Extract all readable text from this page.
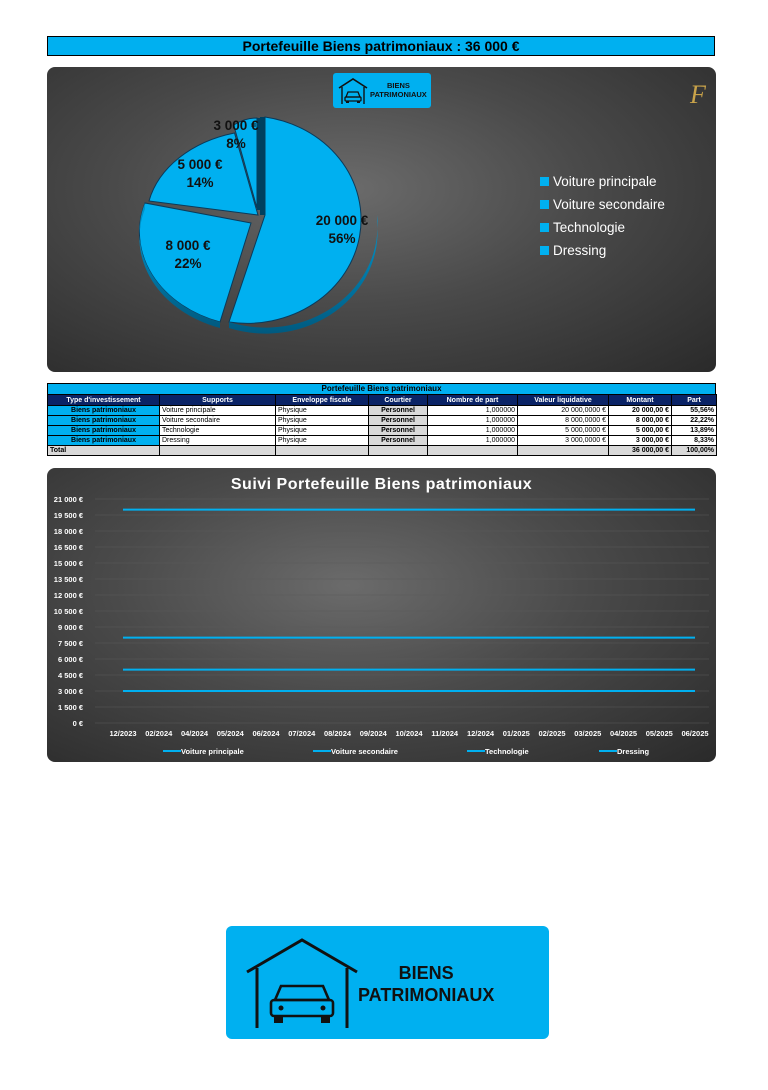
Portefeuille Biens patrimoniaux : 36 000 €
BIENS
PATRIMONIAUX	F
3 000 €
8%
5 000 €
14%
8 000 €
22%
20 000 €
56%
Voiture principale
Voiture secondaire
Technologie
Dressing
Portefeuille Biens patrimoniaux
Type d'investissement	Supports	Enveloppe fiscale	Courtier	Nombre de part	Valeur liquidative	Montant	Part
Biens patrimoniaux	Voiture principale	Physique	Personnel	1,000000	20 000,0000 €	20 000,00 €	55,56%
Biens patrimoniaux	Voiture secondaire	Physique	Personnel	1,000000	8 000,0000 €	8 000,00 €	22,22%
Biens patrimoniaux	Technologie	Physique	Personnel	1,000000	5 000,0000 €	5 000,00 €	13,89%
Biens patrimoniaux	Dressing	Physique	Personnel	1,000000	3 000,0000 €	3 000,00 €	8,33%
Total						36 000,00 €	100,00%
Suivi Portefeuille Biens patrimoniaux
0 €
1 500 €
3 000 €
4 500 €
6 000 €
7 500 €
9 000 €
10 500 €
12 000 €
13 500 €
15 000 €
16 500 €
18 000 €
19 500 €
21 000 €
12/2023 02/2024 04/2024 05/2024 06/2024 07/2024 08/2024 09/2024 10/2024 11/2024 12/2024 01/2025 02/2025 03/2025 04/2025 05/2025 06/2025
Voiture principale	Voiture secondaire	Technologie	Dressing
BIENS
PATRIMONIAUX
